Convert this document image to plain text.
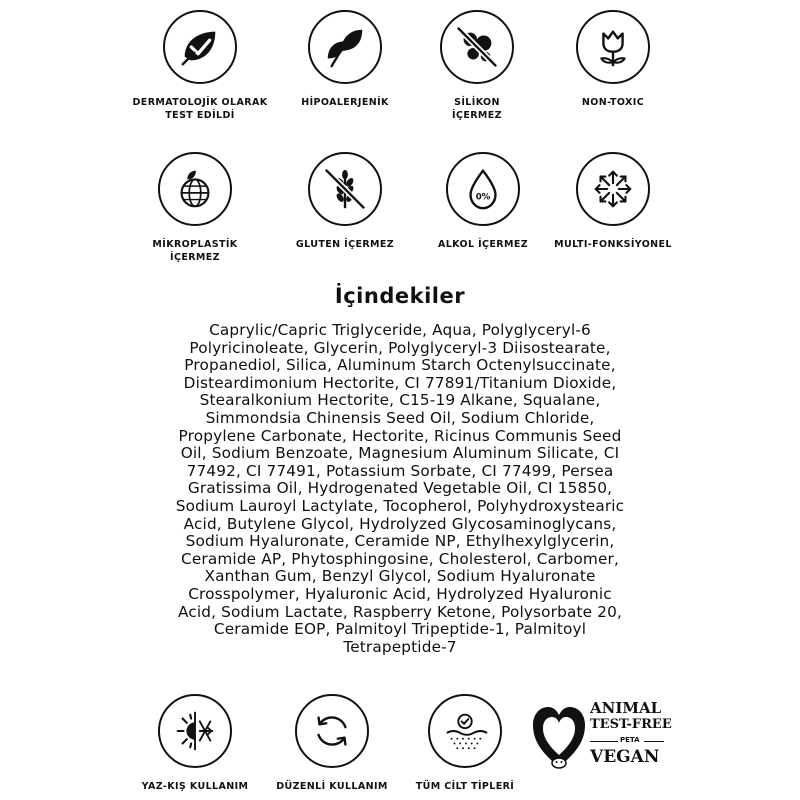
DERMATOLOJİK OLARAK
TEST EDİLDİ
HİPOALERJENİK	SİLİKON
İÇERMEZ
NON-TOXIC
MİKROPLASTİK
İÇERMEZ
GLUTEN İÇERMEZ
0%
ALKOL İÇERMEZ	MULTI-FONKSİYONEL
İçindekiler
Caprylic/Capric Triglyceride, Aqua, Polyglyceryl-6
Polyricinoleate, Glycerin, Polyglyceryl-3 Diisostearate,
Propanediol, Silica, Aluminum Starch Octenylsuccinate,
Disteardimonium Hectorite, CI 77891/Titanium Dioxide,
Stearalkonium Hectorite, C15-19 Alkane, Squalane,
Simmondsia Chinensis Seed Oil, Sodium Chloride,
Propylene Carbonate, Hectorite, Ricinus Communis Seed
Oil, Sodium Benzoate, Magnesium Aluminum Silicate, CI
77492, CI 77491, Potassium Sorbate, CI 77499, Persea
Gratissima Oil, Hydrogenated Vegetable Oil, CI 15850,
Sodium Lauroyl Lactylate, Tocopherol, Polyhydroxystearic
Acid, Butylene Glycol, Hydrolyzed Glycosaminoglycans,
Sodium Hyaluronate, Ceramide NP, Ethylhexylglycerin,
Ceramide AP, Phytosphingosine, Cholesterol, Carbomer,
Xanthan Gum, Benzyl Glycol, Sodium Hyaluronate
Crosspolymer, Hyaluronic Acid, Hydrolyzed Hyaluronic
Acid, Sodium Lactate, Raspberry Ketone, Polysorbate 20,
Ceramide EOP, Palmitoyl Tripeptide-1, Palmitoyl
Tetrapeptide-7
YAZ-KIŞ KULLANIM	DÜZENLİ KULLANIM	TÜM CİLT TİPLERİ
ANIMAL
TEST-FREE
PETA
VEGAN
